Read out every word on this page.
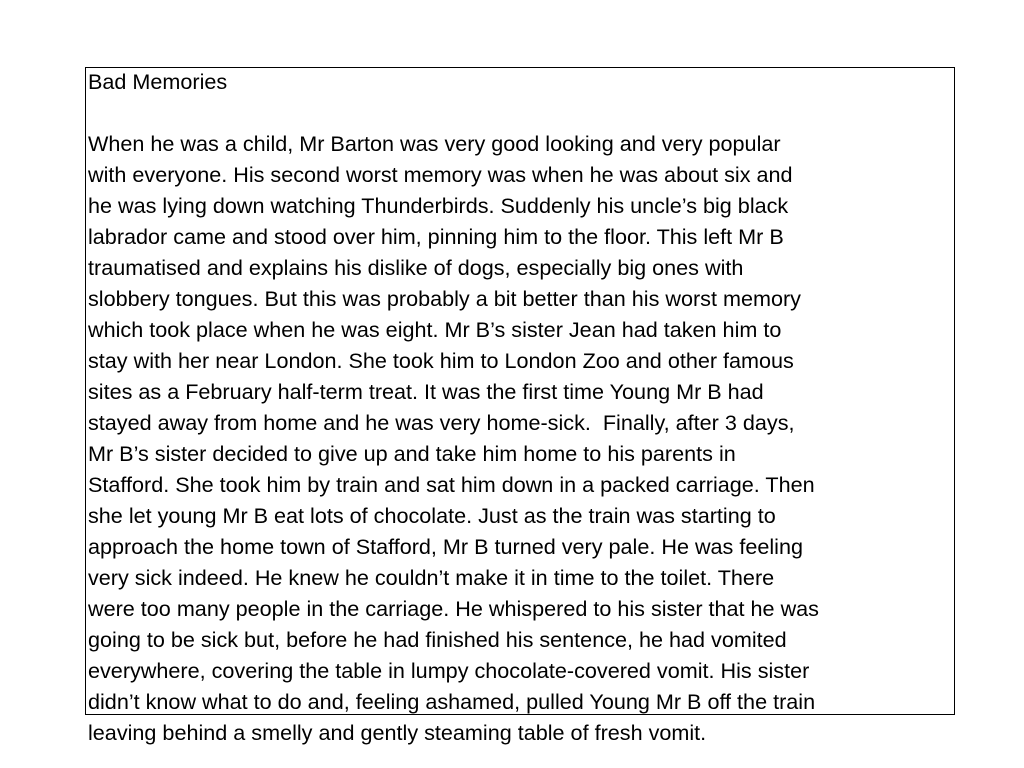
Bad Memories
When he was a child, Mr Barton was very good looking and very popular
with everyone. His second worst memory was when he was about six and
he was lying down watching Thunderbirds. Suddenly his uncle’s big black
labrador came and stood over him, pinning him to the floor. This left Mr B
traumatised and explains his dislike of dogs, especially big ones with
slobbery tongues. But this was probably a bit better than his worst memory
which took place when he was eight. Mr B’s sister Jean had taken him to
stay with her near London. She took him to London Zoo and other famous
sites as a February half-term treat. It was the first time Young Mr B had
stayed away from home and he was very home-sick.  Finally, after 3 days,
Mr B’s sister decided to give up and take him home to his parents in
Stafford. She took him by train and sat him down in a packed carriage. Then
she let young Mr B eat lots of chocolate. Just as the train was starting to
approach the home town of Stafford, Mr B turned very pale. He was feeling
very sick indeed. He knew he couldn’t make it in time to the toilet. There
were too many people in the carriage. He whispered to his sister that he was
going to be sick but, before he had finished his sentence, he had vomited
everywhere, covering the table in lumpy chocolate-covered vomit. His sister
didn’t know what to do and, feeling ashamed, pulled Young Mr B off the train
leaving behind a smelly and gently steaming table of fresh vomit.
